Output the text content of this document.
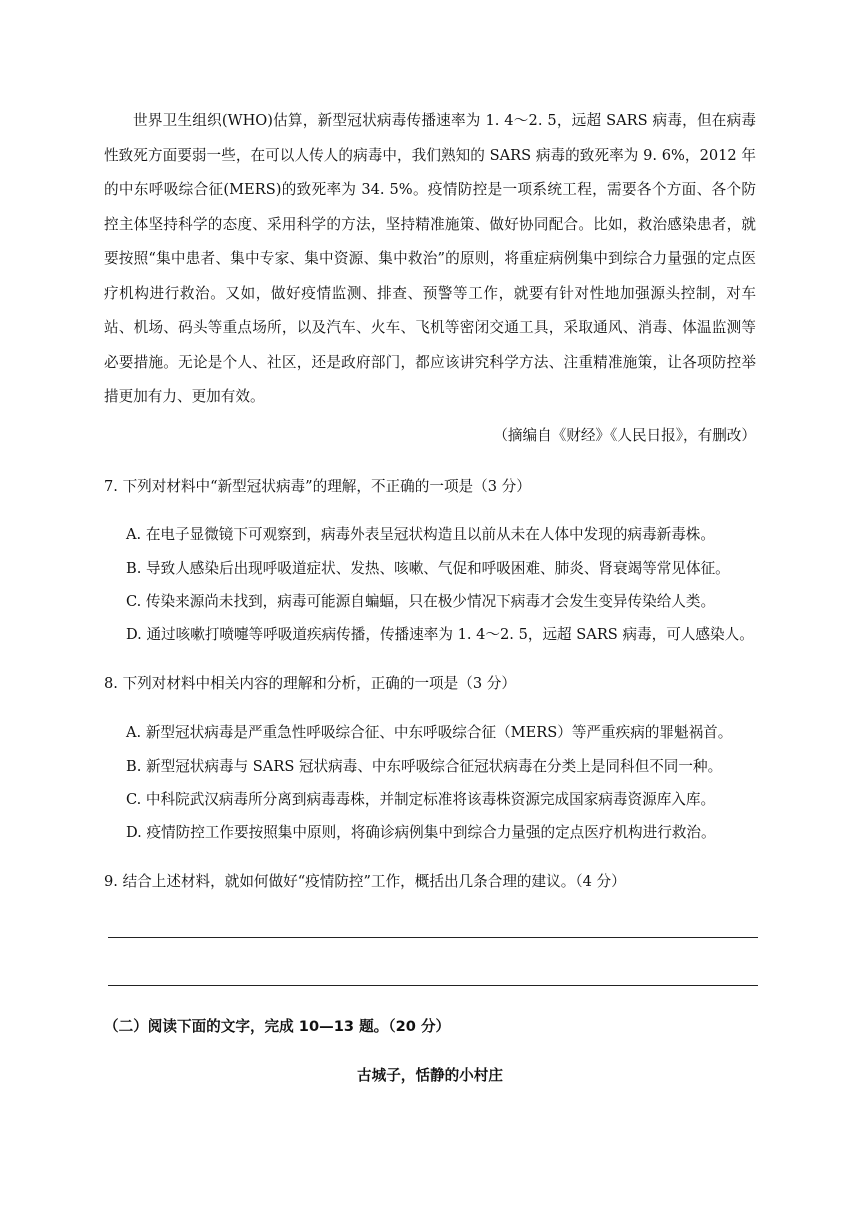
世界卫生组织(WHO)估算，新型冠状病毒传播速率为 1. 4～2. 5，远超 SARS 病毒，但在病毒性致死方面要弱一些，在可以人传人的病毒中，我们熟知的 SARS 病毒的致死率为 9. 6%，2012 年的中东呼吸综合征(MERS)的致死率为 34. 5%。疫情防控是一项系统工程，需要各个方面、各个防控主体坚持科学的态度、采用科学的方法，坚持精准施策、做好协同配合。比如，救治感染患者，就要按照“集中患者、集中专家、集中资源、集中救治”的原则，将重症病例集中到综合力量强的定点医疗机构进行救治。又如，做好疫情监测、排查、预警等工作，就要有针对性地加强源头控制，对车站、机场、码头等重点场所，以及汽车、火车、飞机等密闭交通工具，采取通风、消毒、体温监测等必要措施。无论是个人、社区，还是政府部门，都应该讲究科学方法、注重精准施策，让各项防控举措更加有力、更加有效。

（摘编自《财经》《人民日报》，有删改）

7. 下列对材料中“新型冠状病毒”的理解，不正确的一项是（3 分）

A. 在电子显微镜下可观察到，病毒外表呈冠状构造且以前从未在人体中发现的病毒新毒株。

B. 导致人感染后出现呼吸道症状、发热、咳嗽、气促和呼吸困难、肺炎、肾衰竭等常见体征。

C. 传染来源尚未找到，病毒可能源自蝙蝠，只在极少情况下病毒才会发生变异传染给人类。

D. 通过咳嗽打喷嚏等呼吸道疾病传播，传播速率为 1. 4～2. 5，远超 SARS 病毒，可人感染人。

8. 下列对材料中相关内容的理解和分析，正确的一项是（3 分）

A. 新型冠状病毒是严重急性呼吸综合征、中东呼吸综合征（MERS）等严重疾病的罪魁祸首。

B. 新型冠状病毒与 SARS 冠状病毒、中东呼吸综合征冠状病毒在分类上是同科但不同一种。

C. 中科院武汉病毒所分离到病毒毒株，并制定标准将该毒株资源完成国家病毒资源库入库。

D. 疫情防控工作要按照集中原则，将确诊病例集中到综合力量强的定点医疗机构进行救治。

9. 结合上述材料，就如何做好“疫情防控”工作，概括出几条合理的建议。（4 分）

（二）阅读下面的文字，完成 10—13 题。（20 分）

古城子，恬静的小村庄
